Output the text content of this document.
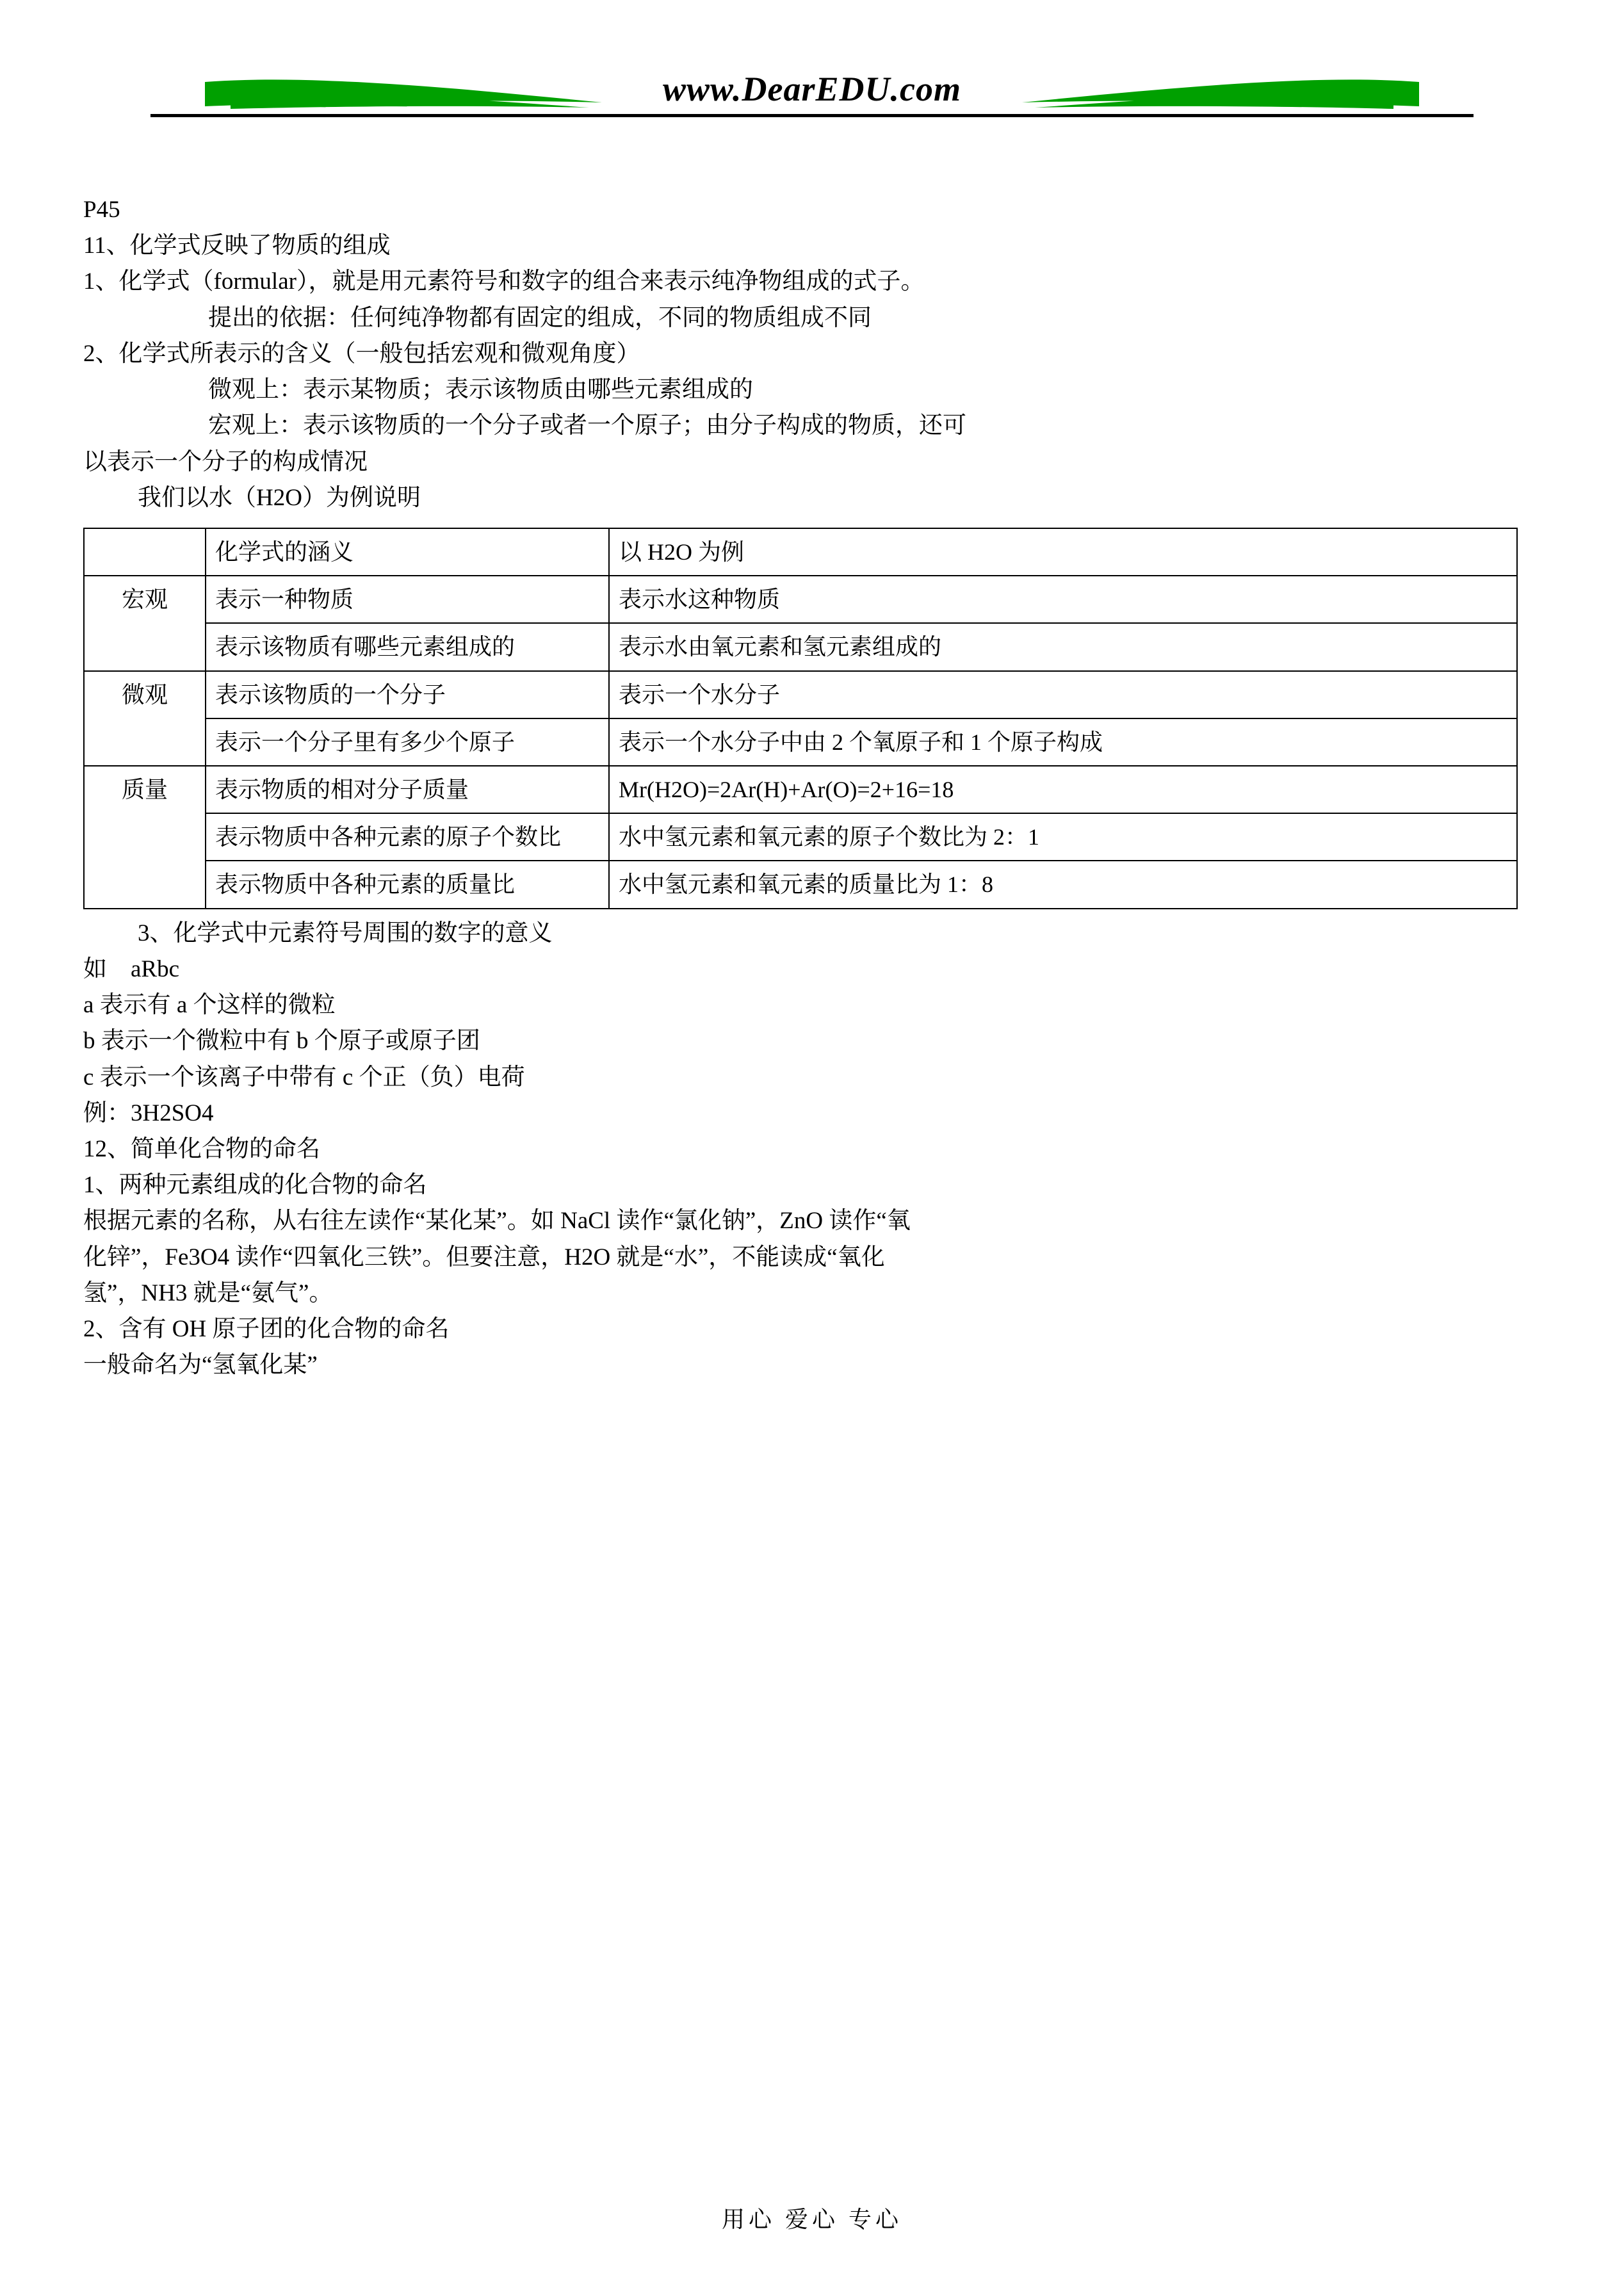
www.DearEDU.com
P45
11、化学式反映了物质的组成
1、化学式（formular），就是用元素符号和数字的组合来表示纯净物组成的式子。
提出的依据：任何纯净物都有固定的组成，不同的物质组成不同
2、化学式所表示的含义（一般包括宏观和微观角度）
微观上：表示某物质；表示该物质由哪些元素组成的
宏观上：表示该物质的一个分子或者一个原子；由分子构成的物质，还可
以表示一个分子的构成情况
我们以水（H2O）为例说明
	化学式的涵义	以 H2O 为例
宏观	表示一种物质	表示水这种物质
	表示该物质有哪些元素组成的	表示水由氧元素和氢元素组成的
微观	表示该物质的一个分子	表示一个水分子
	表示一个分子里有多少个原子	表示一个水分子中由 2 个氧原子和 1 个原子构成
质量	表示物质的相对分子质量	Mr(H2O)=2Ar(H)+Ar(O)=2+16=18
	表示物质中各种元素的原子个数比	水中氢元素和氧元素的原子个数比为 2：1
	表示物质中各种元素的质量比	水中氢元素和氧元素的质量比为 1：8
3、化学式中元素符号周围的数字的意义
如    aRbc
a 表示有 a 个这样的微粒
b 表示一个微粒中有 b 个原子或原子团
c 表示一个该离子中带有 c 个正（负）电荷
例：3H2SO4
12、简单化合物的命名
1、两种元素组成的化合物的命名
根据元素的名称，从右往左读作“某化某”。如 NaCl 读作“氯化钠”，ZnO 读作“氧
化锌”，Fe3O4 读作“四氧化三铁”。但要注意，H2O 就是“水”，不能读成“氧化
氢”，NH3 就是“氨气”。
2、含有 OH 原子团的化合物的命名
一般命名为“氢氧化某”
用心 爱心 专心
